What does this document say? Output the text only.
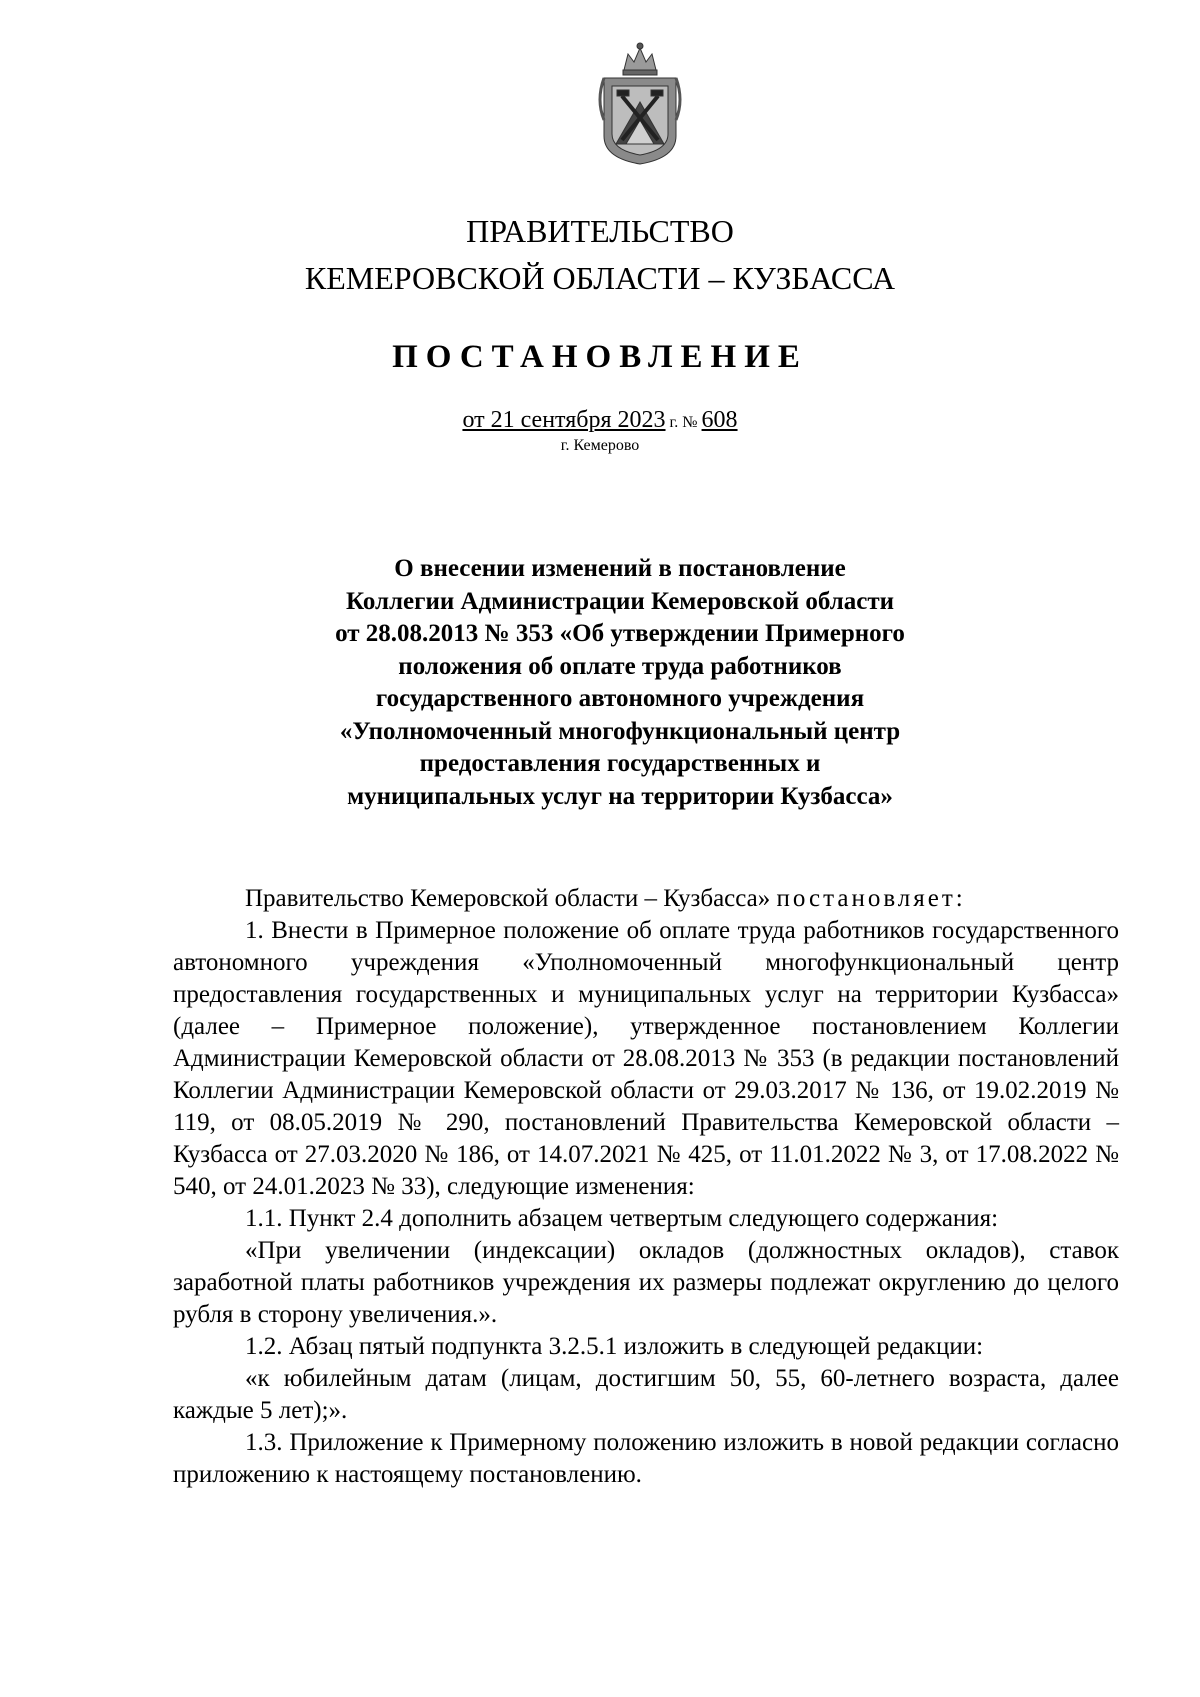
ПРАВИТЕЛЬСТВО
КЕМЕРОВСКОЙ ОБЛАСТИ – КУЗБАССА
ПОСТАНОВЛЕНИЕ
от 21 сентября 2023 г. № 608
г. Кемерово
О внесении изменений в постановление
Коллегии Администрации Кемеровской области
от 28.08.2013 № 353 «Об утверждении Примерного
положения об оплате труда работников
государственного автономного учреждения
«Уполномоченный многофункциональный центр
предоставления государственных и
муниципальных услуг на территории Кузбасса»

Правительство Кемеровской области – Кузбасса» постановляет:

1. Внести в Примерное положение об оплате труда работников государственного автономного учреждения «Уполномоченный многофункциональный центр предоставления государственных и муниципальных услуг на территории Кузбасса» (далее – Примерное положение), утвержденное постановлением Коллегии Администрации Кемеровской области от 28.08.2013 № 353 (в редакции постановлений Коллегии Администрации Кемеровской области от 29.03.2017 № 136, от 19.02.2019 № 119, от 08.05.2019 № 290, постановлений Правительства Кемеровской области – Кузбасса от 27.03.2020 № 186, от 14.07.2021 № 425, от 11.01.2022 № 3, от 17.08.2022 № 540, от 24.01.2023 № 33), следующие изменения:

1.1. Пункт 2.4 дополнить абзацем четвертым следующего содержания:

«При увеличении (индексации) окладов (должностных окладов), ставок заработной платы работников учреждения их размеры подлежат округлению до целого рубля в сторону увеличения.».

1.2. Абзац пятый подпункта 3.2.5.1 изложить в следующей редакции:

«к юбилейным датам (лицам, достигшим 50, 55, 60-летнего возраста, далее каждые 5 лет);».

1.3. Приложение к Примерному положению изложить в новой редакции согласно приложению к настоящему постановлению.
